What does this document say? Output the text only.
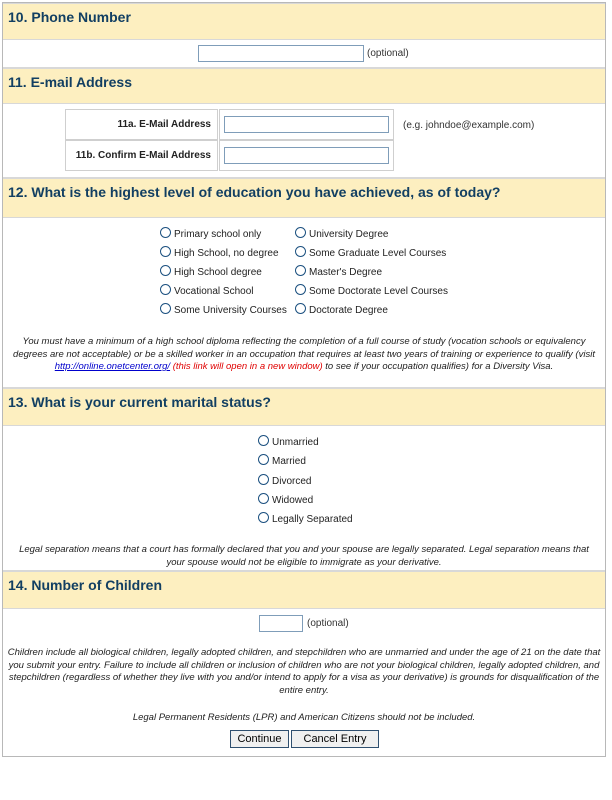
10. Phone Number
(optional)
11. E-mail Address
11a. E-Mail Address	(e.g. johndoe@example.com)
11b. Confirm E-Mail Address
12. What is the highest level of education you have achieved, as of today?
Primary school only
High School, no degree
High School degree
Vocational School
Some University Courses
University Degree
Some Graduate Level Courses
Master's Degree
Some Doctorate Level Courses
Doctorate Degree
You must have a minimum of a high school diploma reflecting the completion of a full course of study (vocation schools or equivalency degrees are not acceptable) or be a skilled worker in an occupation that requires at least two years of training or experience to qualify (visit http://online.onetcenter.org/ (this link will open in a new window) to see if your occupation qualifies) for a Diversity Visa.
13. What is your current marital status?
Unmarried
Married
Divorced
Widowed
Legally Separated
Legal separation means that a court has formally declared that you and your spouse are legally separated. Legal separation means that your spouse would not be eligible to immigrate as your derivative.
14. Number of Children
(optional)
Children include all biological children, legally adopted children, and stepchildren who are unmarried and under the age of 21 on the date that you submit your entry. Failure to include all children or inclusion of children who are not your biological children, legally adopted children, and stepchildren (regardless of whether they live with you and/or intend to apply for a visa as your derivative) is grounds for disqualification of the entire entry.
Legal Permanent Residents (LPR) and American Citizens should not be included.
Continue	Cancel Entry
